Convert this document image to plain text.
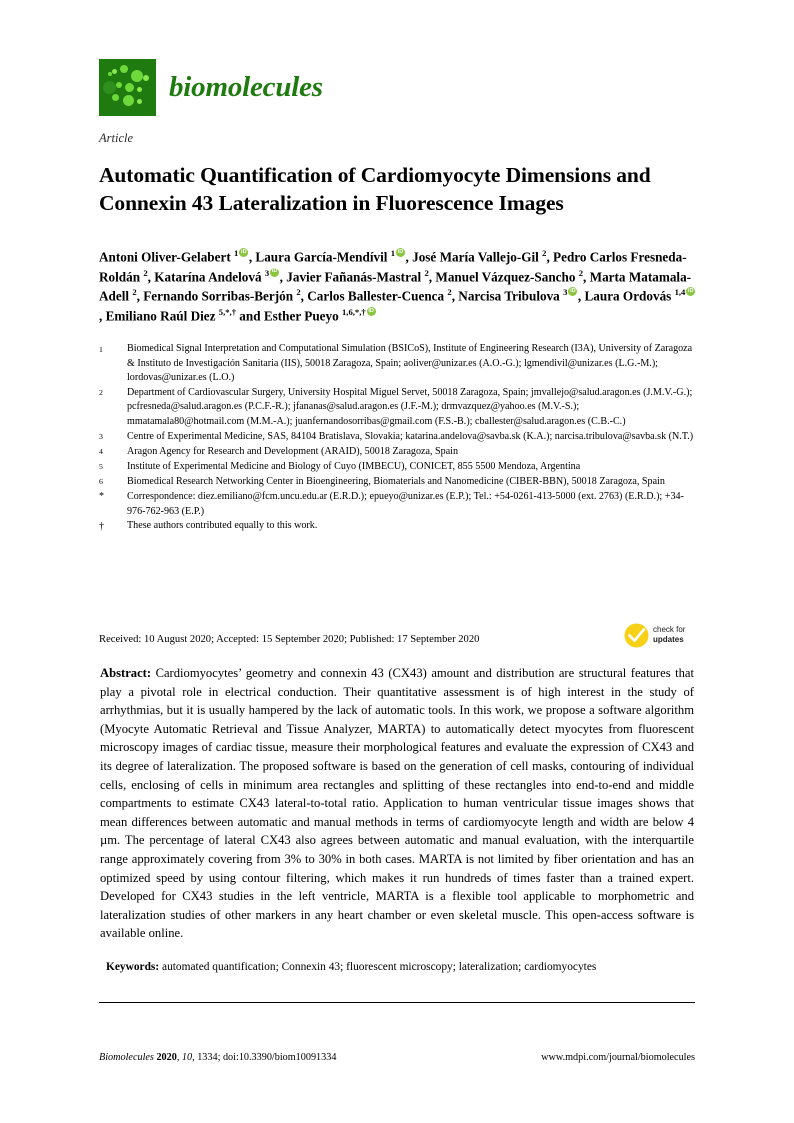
biomolecules
Article
Automatic Quantification of Cardiomyocyte Dimensions and Connexin 43 Lateralization in Fluorescence Images
Antoni Oliver-Gelabert $^1$ iD , Laura García-Mendívil $^1$ iD , José María Vallejo-Gil $^2$, Pedro Carlos Fresneda-Roldán $^2$, Katarína Andelová $^3$ iD , Javier Fañanás-Mastral $^2$, Manuel Vázquez-Sancho $^2$, Marta Matamala-Adell $^2$, Fernando Sorribas-Berjón $^2$, Carlos Ballester-Cuenca $^2$, Narcisa Tribulova $^3$ iD , Laura Ordovás $^{1,4}$iD, Emiliano Raúl Diez $^{5,*,\dagger}$ and Esther Pueyo $^{1,6,*,\dagger}$iD
1	Biomedical Signal Interpretation and Computational Simulation (BSICoS), Institute of Engineering Research (I3A), University of Zaragoza & Instituto de Investigación Sanitaria (IIS), 50018 Zaragoza, Spain; aoliver@unizar.es (A.O.-G.); lgmendivil@unizar.es (L.G.-M.); lordovas@unizar.es (L.O.)
2	Department of Cardiovascular Surgery, University Hospital Miguel Servet, 50018 Zaragoza, Spain; jmvallejo@salud.aragon.es (J.M.V.-G.); pcfresneda@salud.aragon.es (P.C.F.-R.); jfananas@salud.aragon.es (J.F.-M.); drmvazquez@yahoo.es (M.V.-S.); mmatamala80@hotmail.com (M.M.-A.); juanfernandosorribas@gmail.com (F.S.-B.); cballester@salud.aragon.es (C.B.-C.)
3	Centre of Experimental Medicine, SAS, 84104 Bratislava, Slovakia; katarina.andelova@savba.sk (K.A.); narcisa.tribulova@savba.sk (N.T.)
4	Aragon Agency for Research and Development (ARAID), 50018 Zaragoza, Spain
5	Institute of Experimental Medicine and Biology of Cuyo (IMBECU), CONICET, 855 5500 Mendoza, Argentina
6	Biomedical Research Networking Center in Bioengineering, Biomaterials and Nanomedicine (CIBER-BBN), 50018 Zaragoza, Spain
*	Correspondence: diez.emiliano@fcm.uncu.edu.ar (E.R.D.); epueyo@unizar.es (E.P.); Tel.: +54-0261-413-5000 (ext. 2763) (E.R.D.); +34-976-762-963 (E.P.)
†	These authors contributed equally to this work.
check for
updates
Received: 10 August 2020; Accepted: 15 September 2020; Published: 17 September 2020
Abstract: Cardiomyocytes’ geometry and connexin 43 (CX43) amount and distribution are structural features that play a pivotal role in electrical conduction. Their quantitative assessment is of high interest in the study of arrhythmias, but it is usually hampered by the lack of automatic tools. In this work, we propose a software algorithm (Myocyte Automatic Retrieval and Tissue Analyzer, MARTA) to automatically detect myocytes from fluorescent microscopy images of cardiac tissue, measure their morphological features and evaluate the expression of CX43 and its degree of lateralization. The proposed software is based on the generation of cell masks, contouring of individual cells, enclosing of cells in minimum area rectangles and splitting of these rectangles into end-to-end and middle compartments to estimate CX43 lateral-to-total ratio. Application to human ventricular tissue images shows that mean differences between automatic and manual methods in terms of cardiomyocyte length and width are below 4 µm. The percentage of lateral CX43 also agrees between automatic and manual evaluation, with the interquartile range approximately covering from 3% to 30% in both cases. MARTA is not limited by fiber orientation and has an optimized speed by using contour filtering, which makes it run hundreds of times faster than a trained expert. Developed for CX43 studies in the left ventricle, MARTA is a flexible tool applicable to morphometric and lateralization studies of other markers in any heart chamber or even skeletal muscle. This open-access software is available online.
Keywords: automated quantification; Connexin 43; fluorescent microscopy; lateralization; cardiomyocytes
Biomolecules 2020, 10, 1334; doi:10.3390/biom10091334	www.mdpi.com/journal/biomolecules
